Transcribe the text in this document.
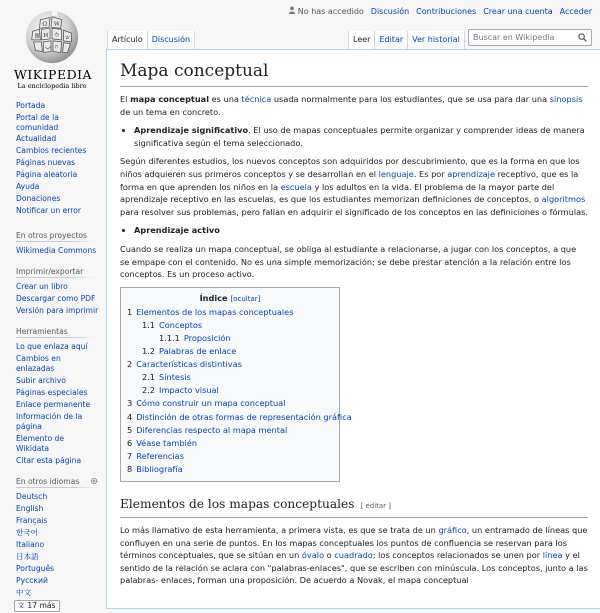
No has accedido Discusión Contribuciones Crear una cuenta Acceder
Ω W
И ウ
維	ש
ب ח
WIKIPEDIA
La enciclopedia libre
Artículo	Discusión	Leer	Editar	Ver historial
Buscar en Wikipedia
Portada
Portal de la
comunidad
Actualidad
Cambios recientes
Páginas nuevas
Página aleatoria
Ayuda
Donaciones
Notificar un error
En otros proyectos
Wikimedia Commons
Imprimir/exportar
Crear un libro
Descargar como PDF
Versión para imprimir
Herramientas
Lo que enlaza aquí
Cambios en
enlazadas
Subir archivo
Páginas especiales
Enlace permanente
Información de la
página
Elemento de
Wikidata
Citar esta página
En otros idiomas
Deutsch
English
Français
한국어
Italiano
日本語
Português
Русский
中文
文 17 más
Mapa conceptual

El mapa conceptual es una técnica usada normalmente para los estudiantes, que se usa para dar una sinopsis de un tema en concreto.

• Aprendizaje significativo. El uso de mapas conceptuales permite organizar y comprender ideas de manera significativa según el tema seleccionado.

Según diferentes estudios, los nuevos conceptos son adquiridos por descubrimiento, que es la forma en que los niños adquieren sus primeros conceptos y se desarrollan en el lenguaje. Es por aprendizaje receptivo, que es la forma en que aprenden los niños en la escuela y los adultos en la vida. El problema de la mayor parte del aprendizaje receptivo en las escuelas, es que los estudiantes memorizan definiciones de conceptos, o algoritmos para resolver sus problemas, pero fallan en adquirir el significado de los conceptos en las definiciones o fórmulas.

• Aprendizaje activo

Cuando se realiza un mapa conceptual, se obliga al estudiante a relacionarse, a jugar con los conceptos, a que se empape con el contenido. No es una simple memorización; se debe prestar atención a la relación entre los conceptos. Es un proceso activo.

Índice [ocultar]
1 Elementos de los mapas conceptuales
1.1 Conceptos
1.1.1 Proposición
1.2 Palabras de enlace
2 Características distintivas
2.1 Síntesis
2.2 Impacto visual
3 Cómo construir un mapa conceptual
4 Distinción de otras formas de representación gráfica
5 Diferencias respecto al mapa mental
6 Véase también
7 Referencias
8 Bibliografía
Elementos de los mapas conceptuales [ editar ]

Lo más llamativo de esta herramienta, a primera vista, es que se trata de un gráfico, un entramado de líneas que confluyen en una serie de puntos. En los mapas conceptuales los puntos de confluencia se reservan para los términos conceptuales, que se sitúan en un óvalo o cuadrado; los conceptos relacionados se unen por línea y el sentido de la relación se aclara con "palabras-enlaces", que se escriben con minúscula. Los conceptos, junto a las palabras- enlaces, forman una proposición. De acuerdo a Novak, el mapa conceptual
